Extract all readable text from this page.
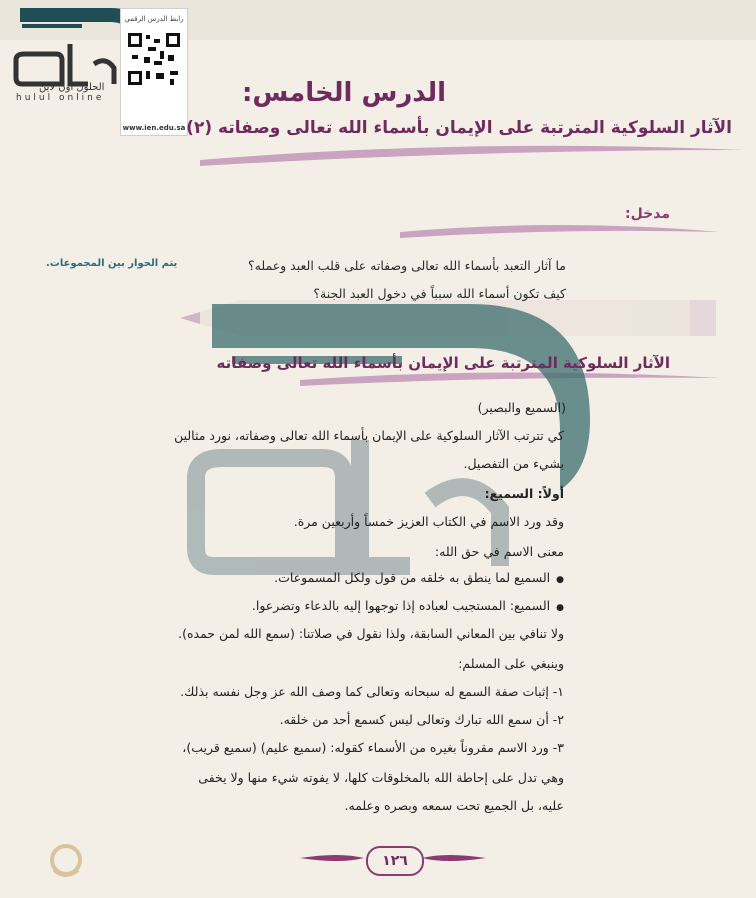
رابط الدرس الرقمي
www.ien.edu.sa
الحلول اون لاين
hulul online	الدرس الخامس:
الآثار السلوكية المترتبة على الإيمان بأسماء الله تعالى وصفاته (٢)
مدخل:
يتم الحوار بين المجموعات.	ما آثار التعبد بأسماء الله تعالى وصفاته على قلب العبد وعمله؟
كيف تكون أسماء الله سبباً في دخول العبد الجنة؟
الآثار السلوكية المترتبة على الإيمان بأسماء الله تعالى وصفاته
(السميع والبصير)
كي تترتب الآثار السلوكية على الإيمان بأسماء الله تعالى وصفاته، نورد مثالين
بشيء من التفصيل.
أولاً: السميع:
وقد ورد الاسم في الكتاب العزيز خمساً وأربعين مرة.
معنى الاسم في حق الله:
● السميع لما ينطق به خلقه من قول ولكل المسموعات.
● السميع: المستجيب لعباده إذا توجهوا إليه بالدعاء وتضرعوا.
ولا تنافي بين المعاني السابقة، ولذا نقول في صلاتنا: (سمع الله لمن حمده).
وينبغي على المسلم:
١- إثبات صفة السمع له سبحانه وتعالى كما وصف الله عز وجل نفسه بذلك.
٢- أن سمع الله تبارك وتعالى ليس كسمع أحد من خلقه.
٣- ورد الاسم مقروناً بغيره من الأسماء كقوله: (سميع عليم) (سميع قريب)،
وهي تدل على إحاطة الله بالمخلوقات كلها، لا يفوته شيء منها ولا يخفى
عليه، بل الجميع تحت سمعه وبصره وعلمه.
١٢٦
